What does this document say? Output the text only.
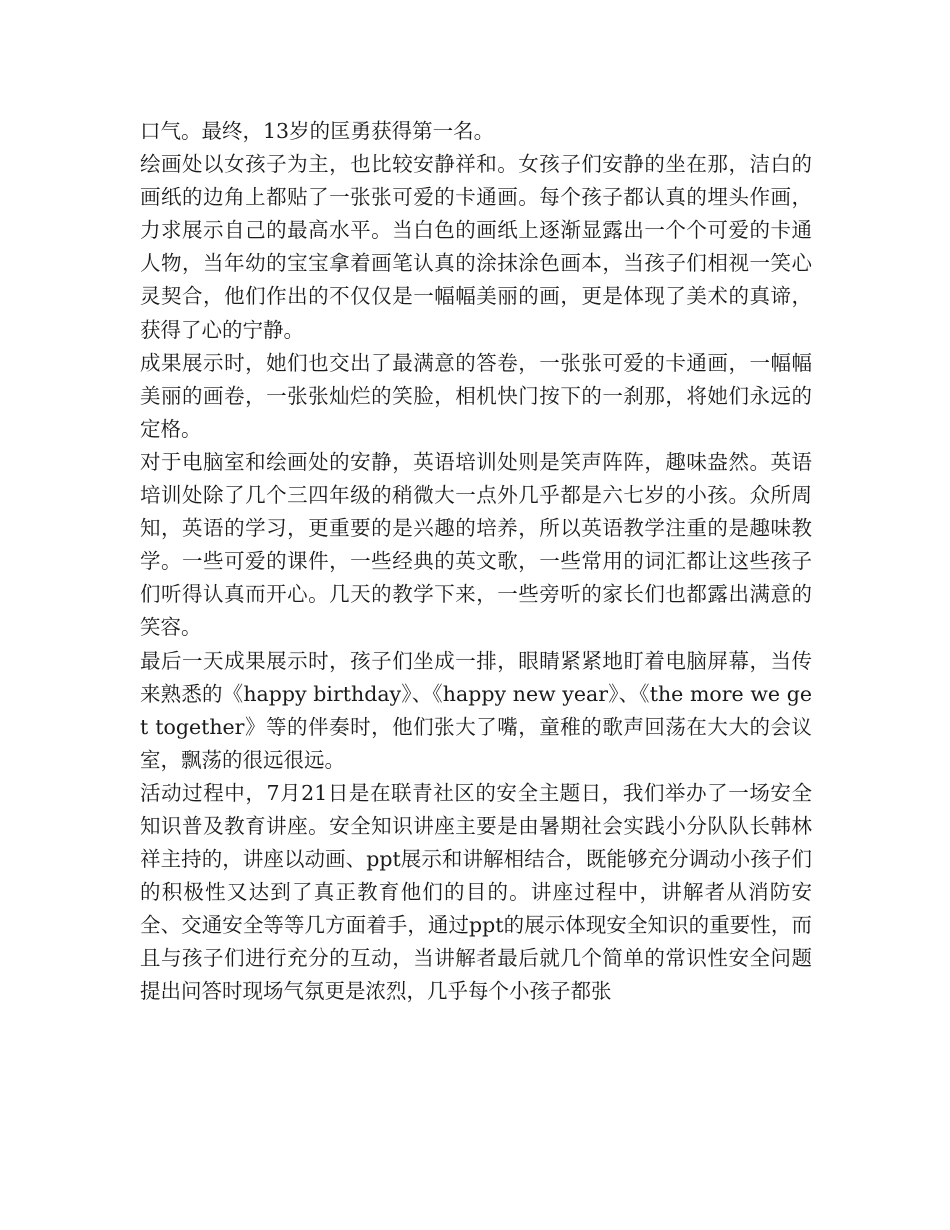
口气。最终，13岁的匡勇获得第一名。

绘画处以女孩子为主，也比较安静祥和。女孩子们安静的坐在那，洁白的画纸的边角上都贴了一张张可爱的卡通画。每个孩子都认真的埋头作画，力求展示自己的最高水平。当白色的画纸上逐渐显露出一个个可爱的卡通人物，当年幼的宝宝拿着画笔认真的涂抹涂色画本，当孩子们相视一笑心灵契合，他们作出的不仅仅是一幅幅美丽的画，更是体现了美术的真谛，获得了心的宁静。

成果展示时，她们也交出了最满意的答卷，一张张可爱的卡通画，一幅幅美丽的画卷，一张张灿烂的笑脸，相机快门按下的一刹那，将她们永远的定格。

对于电脑室和绘画处的安静，英语培训处则是笑声阵阵，趣味盎然。英语培训处除了几个三四年级的稍微大一点外几乎都是六七岁的小孩。众所周知，英语的学习，更重要的是兴趣的培养，所以英语教学注重的是趣味教学。一些可爱的课件，一些经典的英文歌，一些常用的词汇都让这些孩子们听得认真而开心。几天的教学下来，一些旁听的家长们也都露出满意的笑容。

最后一天成果展示时，孩子们坐成一排，眼睛紧紧地盯着电脑屏幕，当传来熟悉的《happy birthday》、《happy new year》、《the more we get together》等的伴奏时，他们张大了嘴，童稚的歌声回荡在大大的会议室，飘荡的很远很远。

活动过程中，7月21日是在联青社区的安全主题日，我们举办了一场安全知识普及教育讲座。安全知识讲座主要是由暑期社会实践小分队队长韩林祥主持的，讲座以动画、ppt展示和讲解相结合，既能够充分调动小孩子们的积极性又达到了真正教育他们的目的。讲座过程中，讲解者从消防安全、交通安全等等几方面着手，通过ppt的展示体现安全知识的重要性，而且与孩子们进行充分的互动，当讲解者最后就几个简单的常识性安全问题提出问答时现场气氛更是浓烈，几乎每个小孩子都张
